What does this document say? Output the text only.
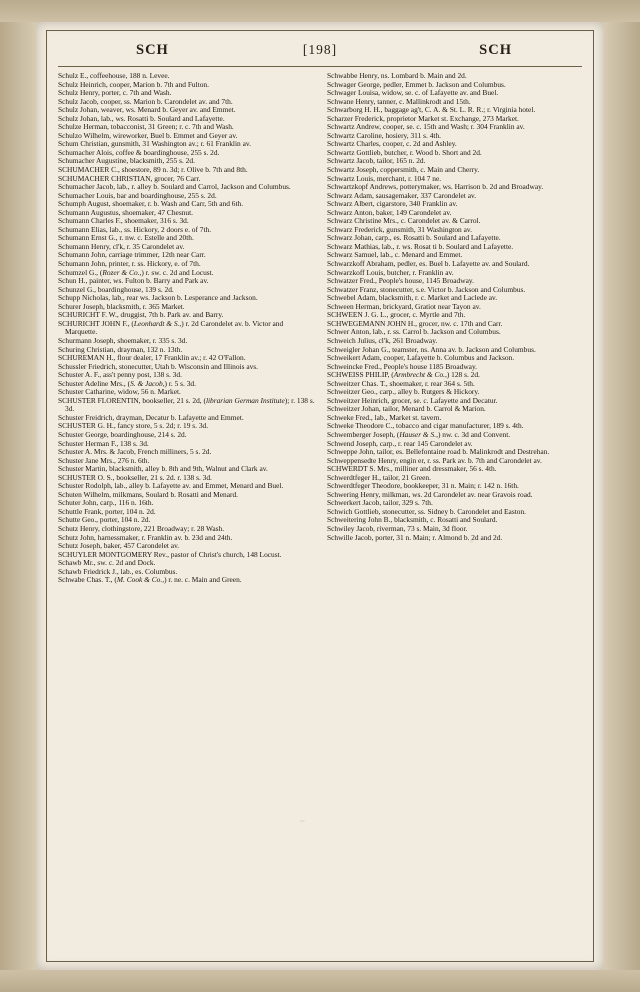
SCH	[198]	SCH

Schulz E., coffeehouse, 188 n. Levee.

Schulz Heinrich, cooper, Marion b. 7th and Fulton.

Schulz Henry, porter, c. 7th and Wash.

Schulz Jacob, cooper, ss. Marion b. Carondelet av. and 7th.

Schulz Johan, weaver, ws. Menard b. Geyer av. and Emmet.

Schulz Johan, lab., ws. Rosatti b. Soulard and Lafayette.

Schulze Herman, tobacconist, 31 Green; r. c. 7th and Wash.

Schulzo Wilhelm, wireworker, Buel b. Emmet and Geyer av.

Schum Christian, gunsmith, 31 Washington av.; r. 61 Franklin av.

Schumacher Alois, coffee & boardinghouse, 255 s. 2d.

Schumacher Augustine, blacksmith, 255 s. 2d.

SCHUMACHER C., shoestore, 89 n. 3d; r. Olive b. 7th and 8th.

SCHUMACHER CHRISTIAN, grocer, 76 Carr.

Schumacher Jacob, lab., r. alley b. Soulard and Carrol, Jackson and Columbus.

Schumacher Louis, bar and boardinghouse, 255 s. 2d.

Schumph August, shoemaker, r. b. Wash and Carr, 5th and 6th.

Schumann Augustus, shoemaker, 47 Chesnut.

Schumann Charles F., shoemaker, 316 s. 3d.

Schumann Elias, lab., ss. Hickory, 2 doors e. of 7th.

Schumann Ernst G., r. nw. c. Estelle and 20th.

Schumann Henry, cl'k, r. 35 Carondelet av.

Schumann John, carriage trimmer, 12th near Carr.

Schumann John, printer, r. ss. Hickory, e. of 7th.

Schumzel G., (Rozer & Co.,) r. sw. c. 2d and Locust.

Schun H., painter, ws. Fulton b. Barry and Park av.

Schunzel G., boardinghouse, 139 s. 2d.

Schupp Nicholas, lab., rear ws. Jackson b. Lesperance and Jackson.

Schurer Joseph, blacksmith, r. 365 Market.

SCHURICHT F. W., druggist, 7th b. Park av. and Barry.

SCHURICHT JOHN F., (Leonhardt & S.,) r. 2d Carondelet av. b. Victor and Marquette.

Schurmann Joseph, shoemaker, r. 335 s. 3d.

Schuring Christian, drayman, 132 n. 13th.

SCHUREMAN H., flour dealer, 17 Franklin av.; r. 42 O'Fallon.

Schussler Friedrich, stonecutter, Utah b. Wisconsin and Illinois avs.

Schuster A. F., ass't penny post, 138 s. 3d.

Schuster Adeline Mrs., (S. & Jacob,) r. 5 s. 3d.

Schuster Catharine, widow, 56 n. Market.

SCHUSTER FLORENTIN, bookseller, 21 s. 2d, (librarian German Institute); r. 138 s. 3d.

Schuster Freidrich, drayman, Decatur b. Lafayette and Emmet.

SCHUSTER G. H., fancy store, 5 s. 2d; r. 19 s. 3d.

Schuster George, boardinghouse, 214 s. 2d.

Schuster Herman F., 138 s. 3d.

Schuster A. Mrs. & Jacob, French milliners, 5 s. 2d.

Schuster Jane Mrs., 276 n. 6th.

Schuster Martin, blacksmith, alley b. 8th and 9th, Walnut and Clark av.

SCHUSTER O. S., bookseller, 21 s. 2d. r. 138 s. 3d.

Schuster Rodolph, lab., alley b. Lafayette av. and Emmet, Menard and Buel.

Schuten Wilhelm, milkmans, Soulard b. Rosatti and Menard.

Schuter John, carp., 116 n. 16th.

Schuttle Frank, porter, 104 n. 2d.

Schutte Geo., porter, 104 n. 2d.

Schutz Henry, clothingstore, 221 Broadway; r. 28 Wash.

Schutz John, harnessmaker, r. Franklin av. b. 23d and 24th.

Schutz Joseph, baker, 457 Carondelet av.

SCHUYLER MONTGOMERY Rev., pastor of Christ's church, 148 Locust.

Schawb Mr., sw. c. 2d and Dock.

Schawb Friedrick J., lab., es. Columbus.

Schwabe Chas. T., (M. Cook & Co.,) r. ne. c. Main and Green.

Schwabbe Henry, ns. Lombard b. Main and 2d.

Schwager George, pedler, Emmet b. Jackson and Columbus.

Schwager Louisa, widow, se. c. of Lafayette av. and Buel.

Schwane Henry, tanner, c. Mallinkrodt and 15th.

Schwarborg H. H., baggage ag't, C. A. & St. L. R. R.; r. Virginia hotel.

Scharzer Frederick, proprietor Market st. Exchange, 273 Market.

Schwartz Andrew, cooper, se. c. 15th and Wash; r. 304 Franklin av.

Schwartz Caroline, hosiery, 311 s. 4th.

Schwartz Charles, cooper, c. 2d and Ashley.

Schwartz Gottlieb, butcher, r. Wood b. Short and 2d.

Schwartz Jacob, tailor, 165 n. 2d.

Schwartz Joseph, coppersmith, c. Main and Cherry.

Schwartz Louis, merchant, r. 104 7 ne.

Schwartzkopf Andrews, potterymaker, ws. Harrison b. 2d and Broadway.

Schwarz Adam, sausagemaker, 337 Carondelet av.

Schwarz Albert, cigarstore, 340 Franklin av.

Schwarz Anton, baker, 149 Carondelet av.

Schwarz Christine Mrs., c. Carondelet av. & Carrol.

Schwarz Frederick, gunsmith, 31 Washington av.

Schwarz Johan, carp., es. Rosatti b. Soulard and Lafayette.

Schwarz Mathias, lab., r. ws. Rosat ti b. Soulard and Lafayette.

Schwarz Samuel, lab., c. Menard and Emmet.

Schwarzkoff Abraham, pedler, es. Buel b. Lafayette av. and Soulard.

Schwarzkoff Louis, butcher, r. Franklin av.

Schwatzer Fred., People's house, 1145 Broadway.

Schwatzer Franz, stonecutter, s.e. Victor b. Jackson and Columbus.

Schwebel Adam, blacksmith, r. c. Market and Laclede av.

Schween Herman, brickyard, Gratiot near Tayon av.

SCHWEEN J. G. L., grocer, c. Myrtle and 7th.

SCHWEGEMANN JOHN H., grocer, nw. c. 17th and Carr.

Schwer Anton, lab., r. ss. Carrol b. Jackson and Columbus.

Schweich Julius, cl'k, 261 Broadway.

Schweigler Johan G., teamster, ns. Anna av. b. Jackson and Columbus.

Schweikert Adam, cooper, Lafayette b. Columbus and Jackson.

Schweincke Fred., People's house 1185 Broadway.

SCHWEISS PHILIP, (Armbrecht & Co.,) 128 s. 2d.

Schweitzer Chas. T., shoemaker, r. rear 364 s. 5th.

Schweitzer Geo., carp., alley b. Rutgers & Hickory.

Schweitzer Heinrich, grocer, se. c. Lafayette and Decatur.

Schweitzer Johan, tailor, Menard b. Carrol & Marion.

Schweke Fred., lab., Market st. tavern.

Schweke Theodore C., tobacco and cigar manufacturer, 189 s. 4th.

Schwemberger Joseph, (Hauser & S.,) nw. c. 3d and Convent.

Schwend Joseph, carp., r. rear 145 Carondelet av.

Schweppe John, tailor, es. Bellefontaine road b. Malinkrodt and Destrehan.

Schweppensedte Henry, engin er, r. ss. Park av. b. 7th and Carondelet av.

SCHWERDT S. Mrs., milliner and dressmaker, 56 s. 4th.

Schwerdtfeger H., tailor, 21 Green.

Schwerdtfeger Theodore, bookkeeper, 31 n. Main; r. 142 n. 16th.

Schwering Henry, milkman, ws. 2d Carondelet av. near Gravois road.

Schwerkert Jacob, tailor, 329 s. 7th.

Schwich Gottlieb, stonecutter, ss. Sidney b. Carondelet and Easton.

Schweitering John B., blacksmith, c. Rosatti and Soulard.

Schwiley Jacob, riverman, 73 s. Main, 3d floor.

Schwille Jacob, porter, 31 n. Main; r. Almond b. 2d and 2d.
